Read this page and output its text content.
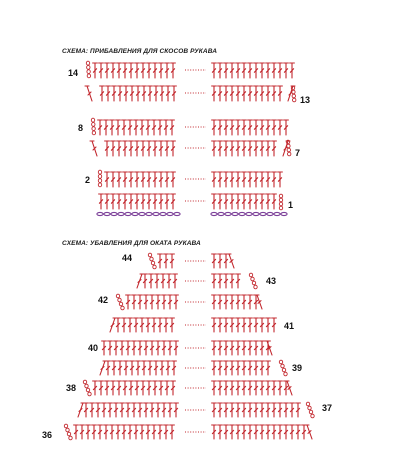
СХЕМА: ПРИБАВЛЕНИЯ ДЛЯ СКОСОВ РУКАВА
СХЕМА: УБАВЛЕНИЯ ДЛЯ ОКАТА РУКАВА
14
13
8
7
2
1
44
43
42
41
40
39
38
37
36
